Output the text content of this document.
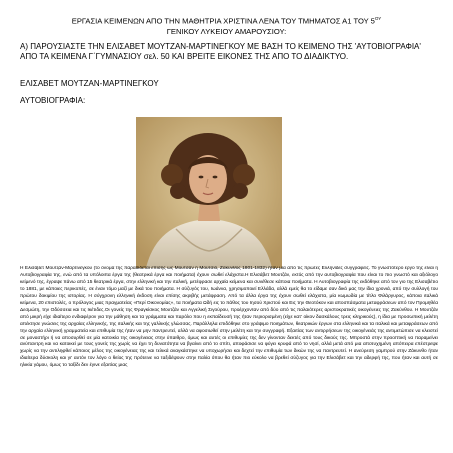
ΕΡΓΑΣΙΑ ΚΕΙΜΕΝΩΝ ΑΠΟ ΤΗΝ ΜΑΘΗΤΡΙΑ ΧΡΙΣΤΙΝΑ ΛΕΝΑ ΤΟΥ ΤΜΗΜΑΤΟΣ Α1 ΤΟΥ $5^{O\Upsilon}$
ΓΕΝΙΚΟΥ ΛΥΚΕΙΟΥ ΑΜΑΡΟΥΣΙΟΥ:
Α) ΠΑΡΟΥΣΙΑΣΤΕ ΤΗΝ ΕΛΙΣΑΒΕΤ ΜΟΥΤΖΑΝ-ΜΑΡΤΙΝΕΓΚΟΥ ΜΕ ΒΑΣΗ ΤΟ ΚΕΙΜΕΝΟ ΤΗΣ 'ΑΥΤΟΒΙΟΓΡΑΦΙΑ' ΑΠΟ ΤΑ ΚΕΙΜΕΝΑ Γ΄ΓΥΜΝΑΣΙΟΥ σελ. 50 ΚΑΙ ΒΡΕΙΤΕ ΕΙΚΟΝΕΣ ΤΗΣ ΑΠΟ ΤΟ ΔΙΑΔΙΚΤΥΟ.
ΕΛΙΣΑΒΕΤ ΜΟΥΤΖΑΝ-ΜΑΡΤΙΝΕΓΚΟΥ
ΑΥΤΟΒΙΟΓΡΑΦΙΑ:
Η Ελισάβετ Μουτζάν-Μαρτινέγκου (το όνομά της παραδίδεται επίσης ως Μουτσάν ή Μουτσιό, Ζάκυνθος 1801-1832) ήταν μία από τις πρώτες Ελληνίδες συγγραφείς. Το γνωστότερο έργο της είναι η Αυτοβιογραφία της, ενώ από τα υπόλοιπα έργα της (θεατρικά έργα και ποιήματα) έχουν σωθεί ελάχιστα.Η Ελισάβετ Μουτζάν, εκτός από την αυτοβιογραφία που είναι το πιο γνωστό και αξιόλογο κείμενό της, έγραψε πάνω από 15 θεατρικά έργα, στην ελληνική και την ιταλική, μετέφρασε αρχαία κείμενα και συνέθεσε κάποια ποιήματα. Η Αυτοβιογραφία της εκδόθηκε από τον γιο της Ελισαβέτιο το 1881, με κάποιες περικοπές, σε έναν τόμο μαζί με δικά του ποιήματα. Η σύζυγός του, Ιωάννα, χρησιμοποιεί Ελλάδα, αλλά εμείς θα το είδαμε σαν δικό μας την ίδια χρονιά, από την συλλογή του πρώτου δοκιμίου της ιστορίας. Η σύγχρονη ελληνική έκδοση είναι επίσης ακριβής μετάφραση. Από τα άλλα έργα της έχουν σωθεί ελάχιστα, μία κωμωδία με τίτλο Φιλάργυρος, κάποια ιταλικά κείμενα, 20 επιστολές, ο πρόλογος μιας πραγματείας «Περί Οικονομίας», τα ποιήματα Ωδή εις το πάθος του Ιησού Χριστού και Εις την Θεοτόκον και αποσπάσματα μεταφράσεων από τον Προμηθέα Δεσμώτη, την Οδύσσεια και τις Ικέτιδες.Οι γονείς της Φραγκίσκος Μουτζάν και Αγγελική Σιγούρου, προέρχονταν από δύο από τις παλαιότερες αριστοκρατικές οικογένειες της Ζακύνθου. Η Μουτζάν από μικρή είχε ιδιαίτερο ενδιαφέρον για την μάθηση και τα γράμματα και παρόλο που η εκπαίδευσή της ήταν περιορισμένη (είχε κατ' οίκον δασκάλους τρεις κληρικούς), η ίδια με προσωπική μελέτη απέκτησε γνώσεις της αρχαίας ελληνικής, της ιταλικής και της γαλλικής γλώσσας. Παράλληλα επιδόθηκε στο γράψιμο ποιημάτων, θεατρικών έργων στα ελληνικά και τα ιταλικά και μεταφράσεων από την αρχαία ελληνική γραμματεία και επιθυμία της ήταν να μην παντρευτεί, αλλά να αφοσιωθεί στην μελέτη και την συγγραφή. Εξαιτίας των αντιρρήσεων της οικογένειάς της αντιμετώπισε να κλειστεί σε μοναστήρι ή να αποσυρθεί σε μία κατοικία της οικογένειας στην ύπαιθρο, όμως και αυτές οι επιθυμίες της δεν γίνονταν δεκτές από τους δικούς της. Μπροστά στην προοπτική να παραμείνει ανύπαντρη και να κατοικεί με τους γονείς της χωρίς να έχει τη δυνατότητα να βγαίνει από το σπίτι, αποφάσισε να φύγει κρυφά από το νησί, αλλά μετά από μια αποτυχημένη απόπειρα επέστρεψε χωρίς να την αντιληφθεί κάποιος μέλος της οικογένειας της και τελικά αναγκάστηκε να υποχωρήσει και δεχτεί την επιθυμία των δικών της να παντρευτεί. Η ανεύρεση γαμπρού στην Ζάκυνθο ήταν ιδιαίτερα δύσκολη και γι' αυτόν τον λόγο ο θείος της πρότεινε να ταξιδέψουν στην Ιταλία όπου θα ήταν πιο εύκολο να βρεθεί σύζυγος για την Ελισάβετ και την αδερφή της, που ήταν και αυτή σε ηλικία γάμου, όμως το ταξίδι δεν έγινε εξαιτίας μιας
